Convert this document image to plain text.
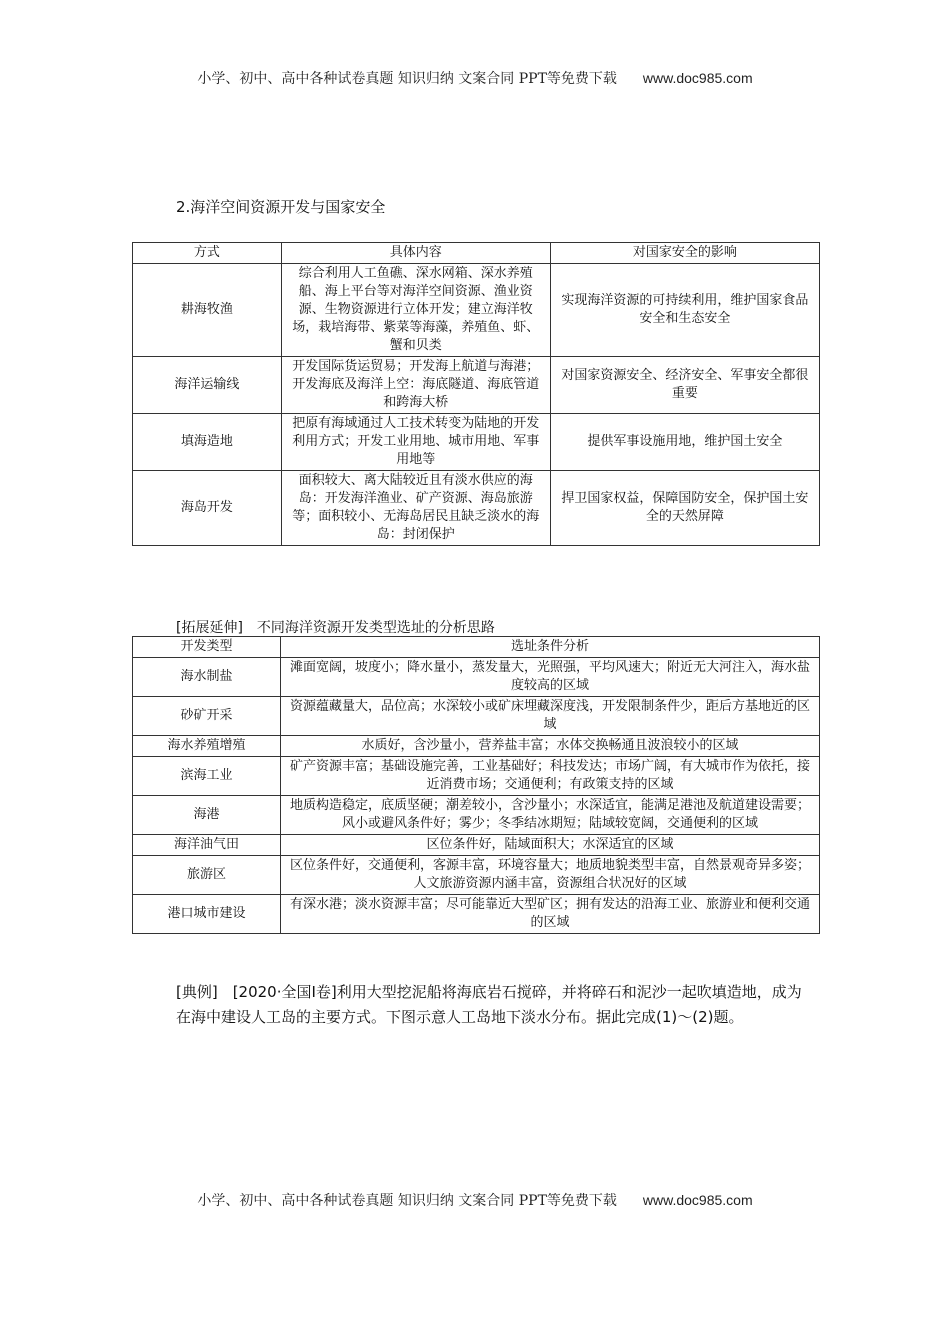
小学、初中、高中各种试卷真题 知识归纳 文案合同 PPT等免费下载 www.doc985.com
2.海洋空间资源开发与国家安全
方式	具体内容	对国家安全的影响
耕海牧渔	综合利用人工鱼礁、深水网箱、深水养殖船、海上平台等对海洋空间资源、渔业资源、生物资源进行立体开发；建立海洋牧场，栽培海带、紫菜等海藻，养殖鱼、虾、蟹和贝类	实现海洋资源的可持续利用，维护国家食品安全和生态安全
海洋运输线	开发国际货运贸易；开发海上航道与海港；开发海底及海洋上空：海底隧道、海底管道和跨海大桥	对国家资源安全、经济安全、军事安全都很重要
填海造地	把原有海域通过人工技术转变为陆地的开发利用方式；开发工业用地、城市用地、军事用地等	提供军事设施用地，维护国土安全
海岛开发	面积较大、离大陆较近且有淡水供应的海岛：开发海洋渔业、矿产资源、海岛旅游等；面积较小、无海岛居民且缺乏淡水的海岛：封闭保护	捍卫国家权益，保障国防安全，保护国土安全的天然屏障
[拓展延伸]　不同海洋资源开发类型选址的分析思路
开发类型	选址条件分析
海水制盐	滩面宽阔，坡度小；降水量小，蒸发量大，光照强，平均风速大；附近无大河注入，海水盐度较高的区域
砂矿开采	资源蕴藏量大，品位高；水深较小或矿床埋藏深度浅，开发限制条件少，距后方基地近的区域
海水养殖增殖	水质好，含沙量小，营养盐丰富；水体交换畅通且波浪较小的区域
滨海工业	矿产资源丰富；基础设施完善，工业基础好；科技发达；市场广阔，有大城市作为依托，接近消费市场；交通便利；有政策支持的区域
海港	地质构造稳定，底质坚硬；潮差较小，含沙量小；水深适宜，能满足港池及航道建设需要；风小或避风条件好；雾少；冬季结冰期短；陆域较宽阔，交通便利的区域
海洋油气田	区位条件好，陆域面积大；水深适宜的区域
旅游区	区位条件好，交通便利，客源丰富，环境容量大；地质地貌类型丰富，自然景观奇异多姿；人文旅游资源内涵丰富，资源组合状况好的区域
港口城市建设	有深水港；淡水资源丰富；尽可能靠近大型矿区；拥有发达的沿海工业、旅游业和便利交通的区域
[典例]　[2020·全国Ⅰ卷]利用大型挖泥船将海底岩石搅碎，并将碎石和泥沙一起吹填造地，成为在海中建设人工岛的主要方式。下图示意人工岛地下淡水分布。据此完成(1)～(2)题。
小学、初中、高中各种试卷真题 知识归纳 文案合同 PPT等免费下载 www.doc985.com
